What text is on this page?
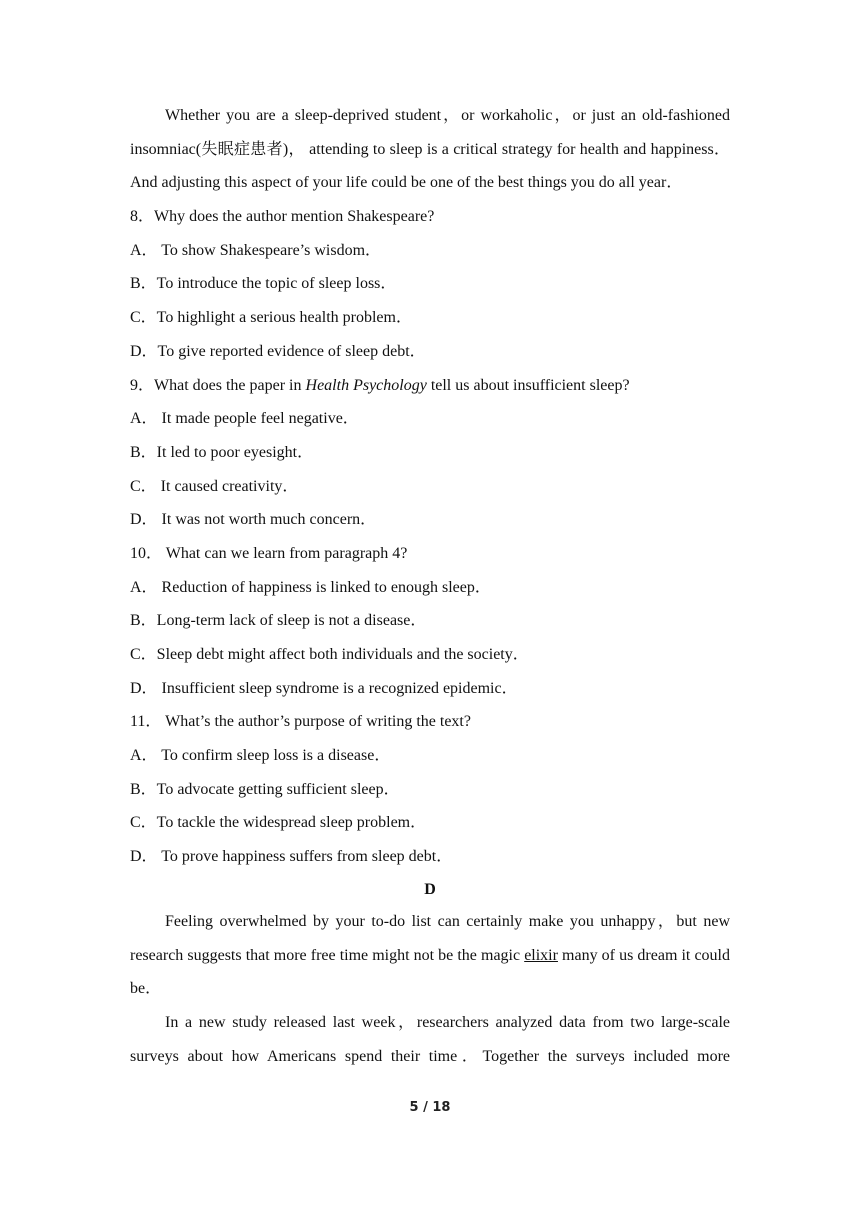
Whether you are a sleep-deprived student，or workaholic，or just an old-fashioned insomniac(失眠症患者)， attending to sleep is a critical strategy for health and happiness． And adjusting this aspect of your life could be one of the best things you do all year．

8．Why does the author mention Shakespeare?
A． To show Shakespeare’s wisdom．
B．To introduce the topic of sleep loss．
C．To highlight a serious health problem．
D．To give reported evidence of sleep debt．
9．What does the paper in Health Psychology tell us about insufficient sleep?
A． It made people feel negative．
B．It led to poor eyesight．
C． It caused creativity．
D． It was not worth much concern．
10． What can we learn from paragraph 4?
A． Reduction of happiness is linked to enough sleep．
B．Long-term lack of sleep is not a disease．
C．Sleep debt might affect both individuals and the society．
D． Insufficient sleep syndrome is a recognized epidemic．
11． What’s the author’s purpose of writing the text?
A． To confirm sleep loss is a disease．
B．To advocate getting sufficient sleep．
C．To tackle the widespread sleep problem．
D． To prove happiness suffers from sleep debt．
D

Feeling overwhelmed by your to-do list can certainly make you unhappy，but new research suggests that more free time might not be the magic elixir many of us dream it could be．

In a new study released last week，researchers analyzed data from two large-scale surveys about how Americans spend their time．Together the surveys included more

5 / 18
